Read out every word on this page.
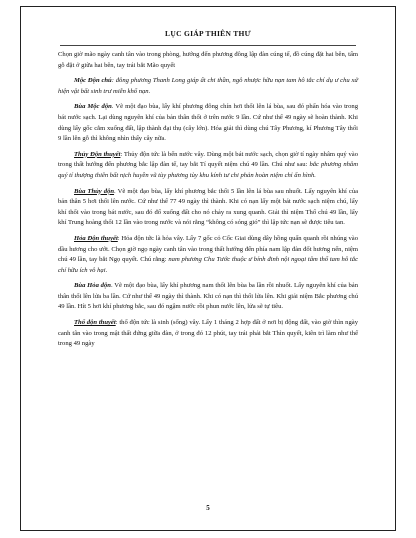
LỤC GIÁP THIÊN THƯ

Chọn giờ mão ngày canh tân vào trong phòng, hướng đến phương đông lập đàn cúng tế, đồ cúng đặt hai bên, tấm gỗ đặt ở giữa hai bên, tay trái bắt Mão quyết

Mộc Độn chú: đông phương Thanh Long giáp ất chi thần, ngô nhược hữu nạn tam hô tắc chí dụ ư chu xứ hiện vật bất sinh trư miễn khổ nạn.

Bùa Mộc độn. Vẽ một đạo bùa, lấy khí phương đông chín hơi thổi lên lá bùa, sau đó phẩn hóa vào trong bát nước sạch. Lại dùng nguyên khí của bản thân thổi ở trên nước 9 lần. Cứ như thế 49 ngày sẽ hoàn thành. Khi dùng lấy gốc cắm xuống đất, lập thành đại thụ (cây lớn). Hóa giải thì dùng chú Tây Phương, kí Phương Tây thổi 9 lần lên gỗ thì không nhìn thấy cây nữa.

Thủy Độn thuyết: Thủy độn tức là bến nước vây. Dùng một bát nước sạch, chọn giờ tí ngày nhâm quý vào trong thất hướng đến phương bắc lập đàn tế, tay bắt Tí quyết niệm chú 49 lần. Chú như sau: bắc phương nhâm quý tí thượng thiên bất nịch huyền vũ tùy phương tùy khu kính tư chi phản hoàn niệm chỉ ẩn hình.

Bùa Thủy độn. Vẽ một đạo bùa, lấy khí phương bắc thổi 5 lần lên lá bùa sau nhuốt. Lấy nguyên khí của bản thân 5 hơi thổi lên nước. Cứ như thế 77 49 ngày thì thành. Khi có nạn lấy một bát nước sạch niệm chú, lấy khí thổi vào trong bát nước, sau đó đổ xuống đất cho nó chảy ra xung quanh. Giải thì niệm Thổ chú 49 lần, lấy khí Trung hoàng thổi 12 lần vào trong nước và nói rằng “không có sóng gió” thì lập tức nạn sẽ được tiêu tan.

Hỏa Độn thuyết: Hỏa độn tức là hỏa vây. Lấy 7 gốc cỏ Cốc Giai dùng dây hồng quấn quanh rồi nhúng vào dầu hương cho ướt. Chọn giờ ngọ ngày canh tân vào trong thất hướng đến phía nam lập đàn đốt hương nến, niệm chú 49 lần, tay bắt Ngọ quyết. Chú rằng: nam phương Chu Tước thuộc ư bính đinh nội ngoại tâm thổ tam hô tắc chí hữu ích vô hại.

Bùa Hỏa độn. Vẽ một đạo bùa, lấy khí phương nam thổi lên bùa ba lần rồi nhuốt. Lấy nguyên khí của bản thân thổi lên lửa ba lần. Cứ như thế 49 ngày thì thành. Khi có nạn thì thổi lửa lên. Khi giải niệm Bắc phương chú 49 lần. Hít 5 hơi khí phương bắc, sau đó ngậm nước rồi phun nước lên, lửa sẽ tự tiêu.

Thổ độn thuyết: thổ độn tức là sinh (sống) vây. Lấy 1 tháng 2 hợp đất ở nơi bị động đất, vào giờ thìn ngày canh tân vào trong mật thất đứng giữa đàn, ở trong đó 12 phút, tay trái phải bắt Thìn quyết, kiên trì làm như thế trong 49 ngày

5
